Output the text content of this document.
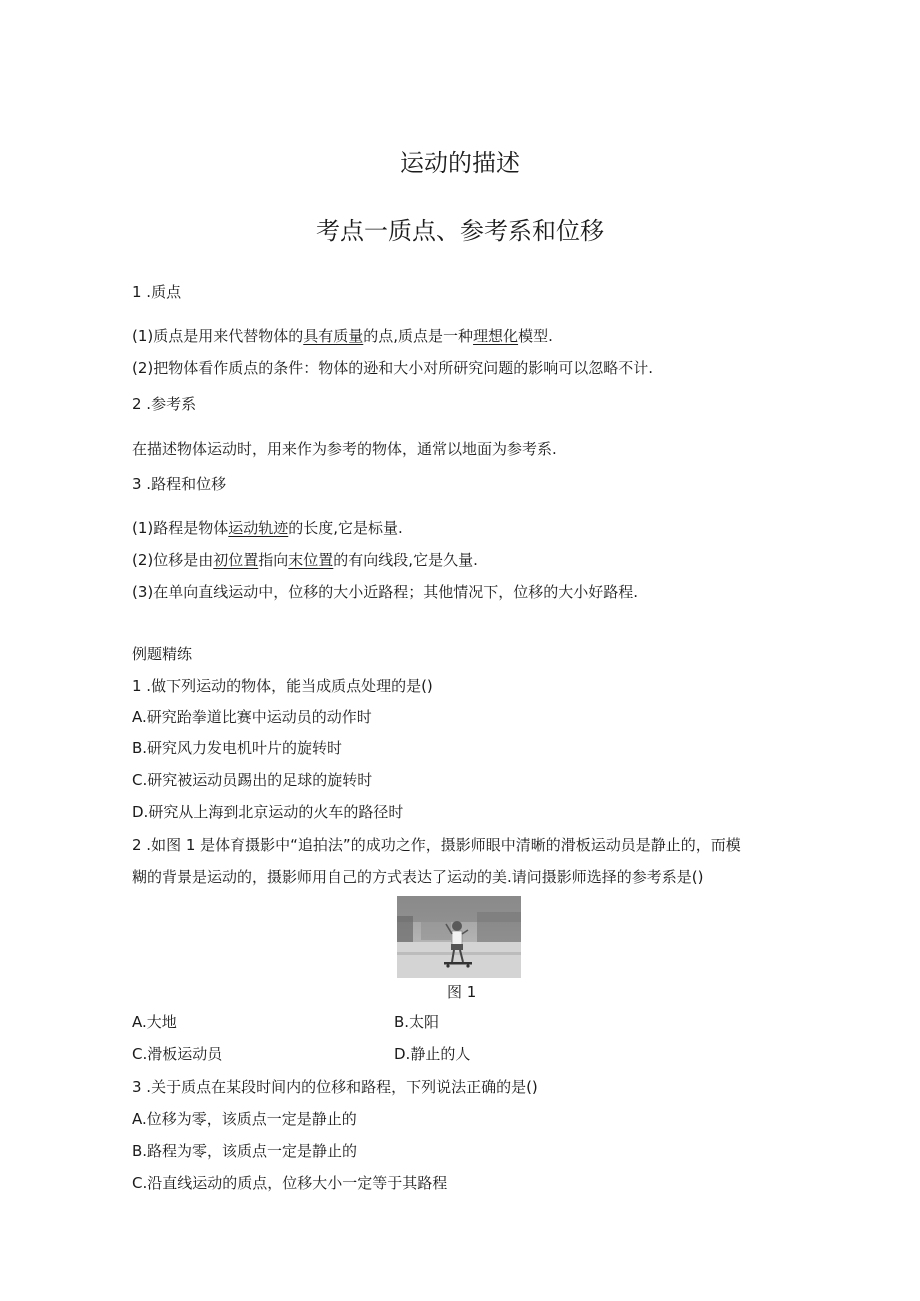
运动的描述
考点一质点、参考系和位移
1 .质点
(1)质点是用来代替物体的具有质量的点,质点是一种理想化模型.
(2)把物体看作质点的条件：物体的逊和大小对所研究问题的影响可以忽略不计.
2 .参考系
在描述物体运动时，用来作为参考的物体，通常以地面为参考系.
3 .路程和位移
(1)路程是物体运动轨迹的长度,它是标量.
(2)位移是由初位置指向末位置的有向线段,它是久量.
(3)在单向直线运动中，位移的大小近路程；其他情况下，位移的大小好路程.
例题精练
1 .做下列运动的物体，能当成质点处理的是()
A.研究跆拳道比赛中运动员的动作时
B.研究风力发电机叶片的旋转时
C.研究被运动员踢出的足球的旋转时
D.研究从上海到北京运动的火车的路径时
2 .如图 1 是体育摄影中“追拍法”的成功之作，摄影师眼中清晰的滑板运动员是静止的，而模
糊的背景是运动的，摄影师用自己的方式表达了运动的美.请问摄影师选择的参考系是()
图 1
A.大地	B.太阳
C.滑板运动员	D.静止的人
3 .关于质点在某段时间内的位移和路程，下列说法正确的是()
A.位移为零，该质点一定是静止的
B.路程为零，该质点一定是静止的
C.沿直线运动的质点，位移大小一定等于其路程
